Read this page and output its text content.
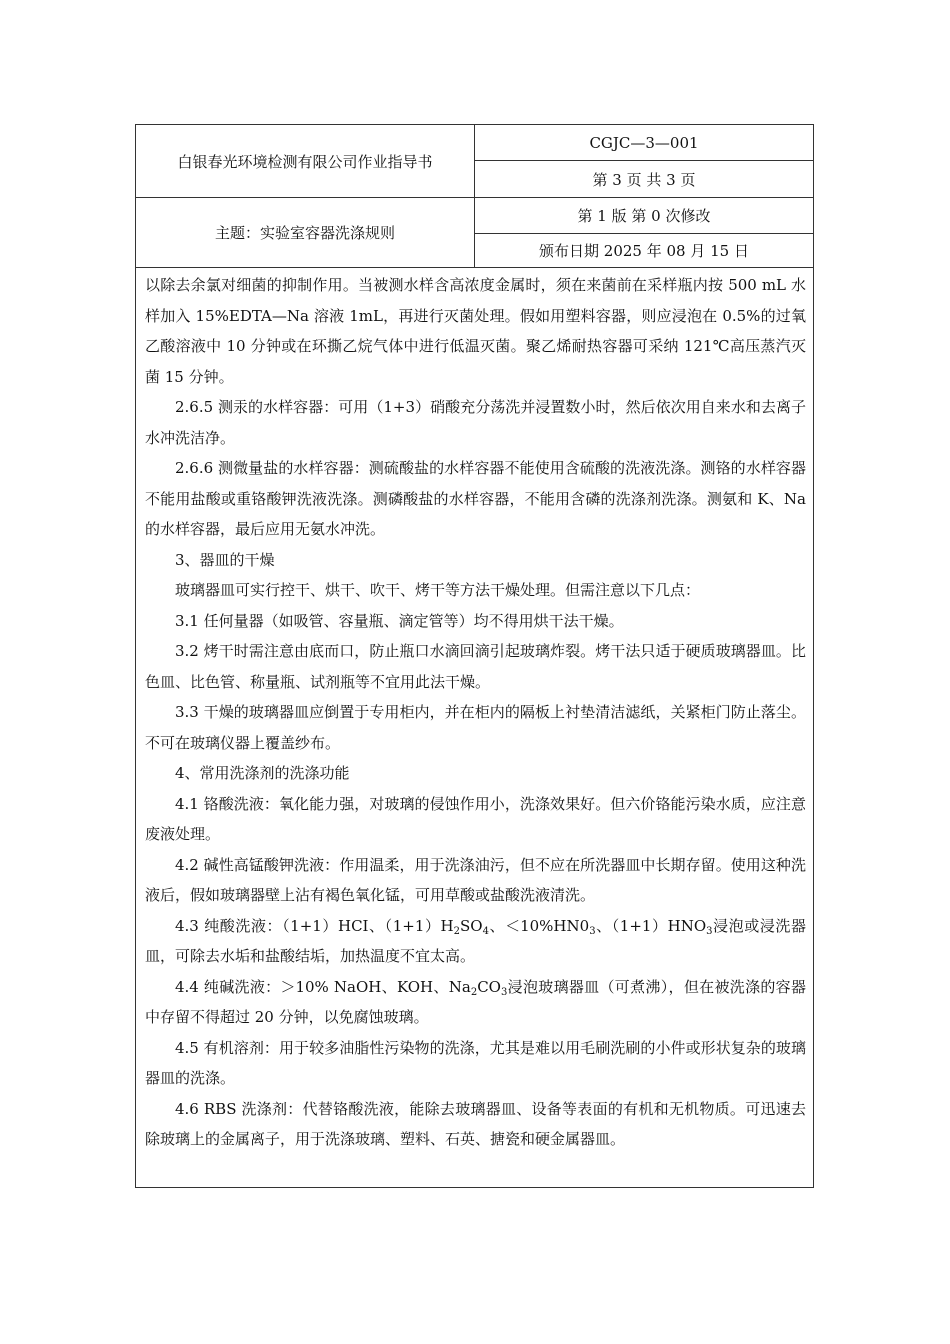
白银春光环境检测有限公司作业指导书
CGJC—3—001
第 3 页 共 3 页
主题：实验室容器洗涤规则
第 1 版 第 0 次修改
颁布日期 2025 年 08 月 15 日

以除去余氯对细菌的抑制作用。当被测水样含高浓度金属时，须在来菌前在采样瓶内按 500 mL 水样加入 15%EDTA—Na 溶液 1mL，再进行灭菌处理。假如用塑料容器，则应浸泡在 0.5%的过氧乙酸溶液中 10 分钟或在环撕乙烷气体中进行低温灭菌。聚乙烯耐热容器可采纳 121℃高压蒸汽灭菌 15 分钟。

2.6.5 测汞的水样容器：可用（1+3）硝酸充分荡洗并浸置数小时，然后依次用自来水和去离子水冲洗洁净。

2.6.6 测微量盐的水样容器：测硫酸盐的水样容器不能使用含硫酸的洗液洗涤。测铬的水样容器不能用盐酸或重铬酸钾洗液洗涤。测磷酸盐的水样容器，不能用含磷的洗涤剂洗涤。测氨和 K、Na 的水样容器，最后应用无氨水冲洗。

3、器皿的干燥

玻璃器皿可实行控干、烘干、吹干、烤干等方法干燥处理。但需注意以下几点：

3.1 任何量器（如吸管、容量瓶、滴定管等）均不得用烘干法干燥。

3.2 烤干时需注意由底而口，防止瓶口水滴回滴引起玻璃炸裂。烤干法只适于硬质玻璃器皿。比色皿、比色管、称量瓶、试剂瓶等不宜用此法干燥。

3.3 干燥的玻璃器皿应倒置于专用柜内，并在柜内的隔板上衬垫清洁滤纸，关紧柜门防止落尘。不可在玻璃仪器上覆盖纱布。

4、常用洗涤剂的洗涤功能

4.1 铬酸洗液：氧化能力强，对玻璃的侵蚀作用小，洗涤效果好。但六价铬能污染水质，应注意废液处理。

4.2 碱性高锰酸钾洗液：作用温柔，用于洗涤油污，但不应在所洗器皿中长期存留。使用这种洗液后，假如玻璃器壁上沾有褐色氧化锰，可用草酸或盐酸洗液清洗。

4.3 纯酸洗液：（1+1）HCI、$(1+1)H_2SO_4$、$<10\%HN0_3$、$(1+1)HNO_3$浸泡或浸洗器皿，可除去水垢和盐酸结垢，加热温度不宜太高。

4.4 纯碱洗液：＞10% NaOH、KOH、$Na_2CO_3$浸泡玻璃器皿（可煮沸），但在被洗涤的容器中存留不得超过 20 分钟，以免腐蚀玻璃。

4.5 有机溶剂：用于较多油脂性污染物的洗涤，尤其是难以用毛刷洗刷的小件或形状复杂的玻璃器皿的洗涤。

4.6 RBS 洗涤剂：代替铬酸洗液，能除去玻璃器皿、设备等表面的有机和无机物质。可迅速去除玻璃上的金属离子，用于洗涤玻璃、塑料、石英、搪瓷和硬金属器皿。
